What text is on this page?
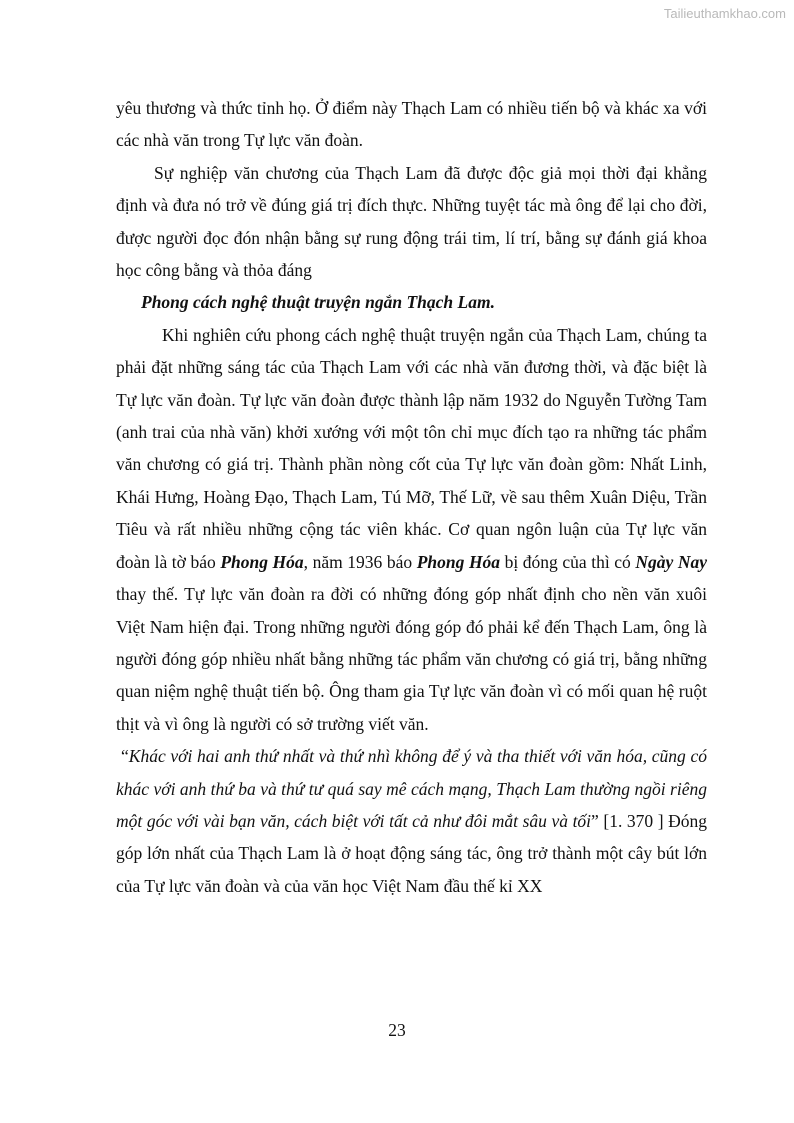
Tailieuthamkhao.com

yêu thương và thức tỉnh họ. Ở điểm này Thạch Lam có nhiều tiến bộ và khác xa với các nhà văn trong Tự lực văn đoàn.

Sự nghiệp văn chương của Thạch Lam đã được độc giả mọi thời đại khẳng định và đưa nó trở về đúng giá trị đích thực. Những tuyệt tác mà ông để lại cho đời, được người đọc đón nhận bằng sự rung động trái tim, lí trí, bằng sự đánh giá khoa học công bằng và thỏa đáng

Phong cách nghệ thuật truyện ngắn Thạch Lam.

Khi nghiên cứu phong cách nghệ thuật truyện ngắn của Thạch Lam, chúng ta phải đặt những sáng tác của Thạch Lam với các nhà văn đương thời, và đặc biệt là Tự lực văn đoàn. Tự lực văn đoàn được thành lập năm 1932 do Nguyễn Tường Tam (anh trai của nhà văn) khởi xướng với một tôn chỉ mục đích tạo ra những tác phẩm văn chương có giá trị. Thành phần nòng cốt của Tự lực văn đoàn gồm: Nhất Linh, Khái Hưng, Hoàng Đạo, Thạch Lam, Tú Mỡ, Thế Lữ, về sau thêm Xuân Diệu, Trần Tiêu và rất nhiều những cộng tác viên khác. Cơ quan ngôn luận của Tự lực văn đoàn là tờ báo Phong Hóa, năm 1936 báo Phong Hóa bị đóng của thì có Ngày Nay thay thế. Tự lực văn đoàn ra đời có những đóng góp nhất định cho nền văn xuôi Việt Nam hiện đại. Trong những người đóng góp đó phải kể đến Thạch Lam, ông là người đóng góp nhiều nhất bằng những tác phẩm văn chương có giá trị, bằng những quan niệm nghệ thuật tiến bộ. Ông tham gia Tự lực văn đoàn vì có mối quan hệ ruột thịt và vì ông là người có sở trường viết văn.

“Khác với hai anh thứ nhất và thứ nhì không để ý và tha thiết với văn hóa, cũng có khác với anh thứ ba và thứ tư quá say mê cách mạng, Thạch Lam thường ngồi riêng một góc với vài bạn văn, cách biệt với tất cả như đôi mắt sâu và tối” [1. 370 ] Đóng góp lớn nhất của Thạch Lam là ở hoạt động sáng tác, ông trở thành một cây bút lớn của Tự lực văn đoàn và của văn học Việt Nam đầu thế kỉ XX

23
